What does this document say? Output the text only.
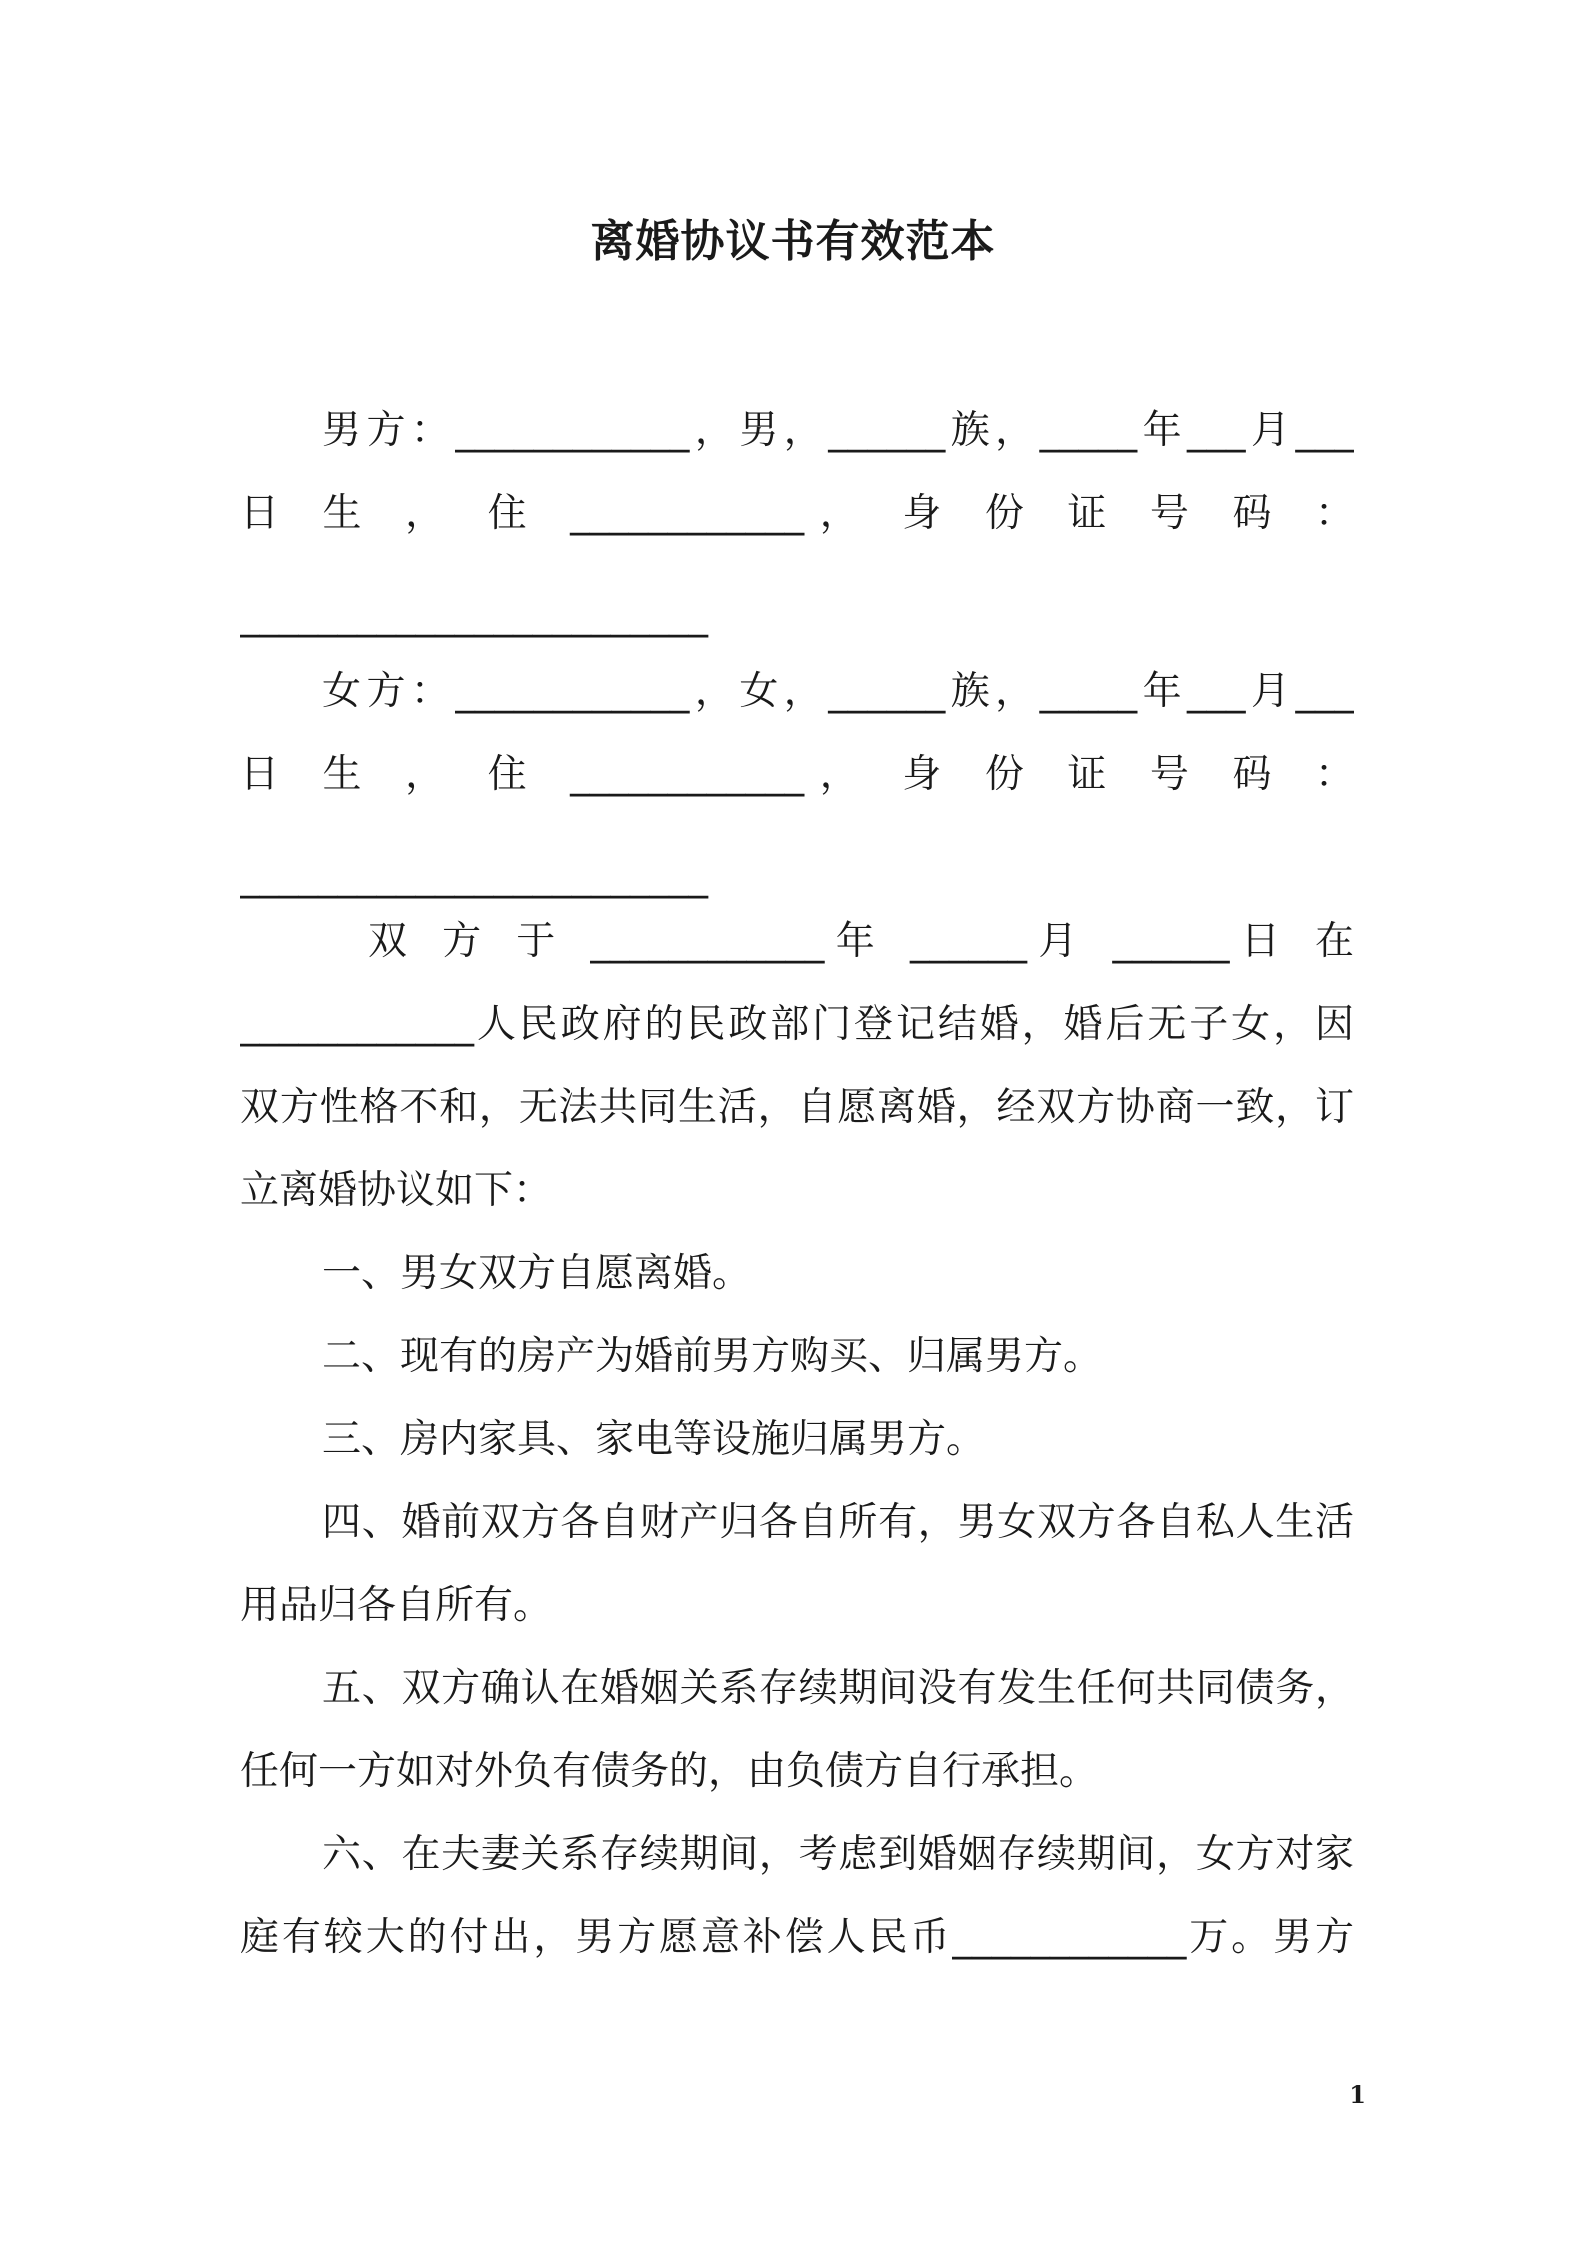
离婚协议书有效范本
男方：____________，男，______族，_____年___月___
日 生 ， 住 ____________， 身 份 证 号 码 ：
________________________
女方：____________，女，______族，_____年___月___
日 生 ， 住 ____________， 身 份 证 号 码 ：
________________________
双 方 于 ____________年 ______月 ______日 在
____________人民政府的民政部门登记结婚，婚后无子女，因
双方性格不和，无法共同生活，自愿离婚，经双方协商一致，订
立离婚协议如下：
一、男女双方自愿离婚。
二、现有的房产为婚前男方购买、归属男方。
三、房内家具、家电等设施归属男方。
四、婚前双方各自财产归各自所有，男女双方各自私人生活
用品归各自所有。
五、双方确认在婚姻关系存续期间没有发生任何共同债务，
任何一方如对外负有债务的，由负债方自行承担。
六、在夫妻关系存续期间，考虑到婚姻存续期间，女方对家
庭有较大的付出，男方愿意补偿人民币____________万。男方
1
